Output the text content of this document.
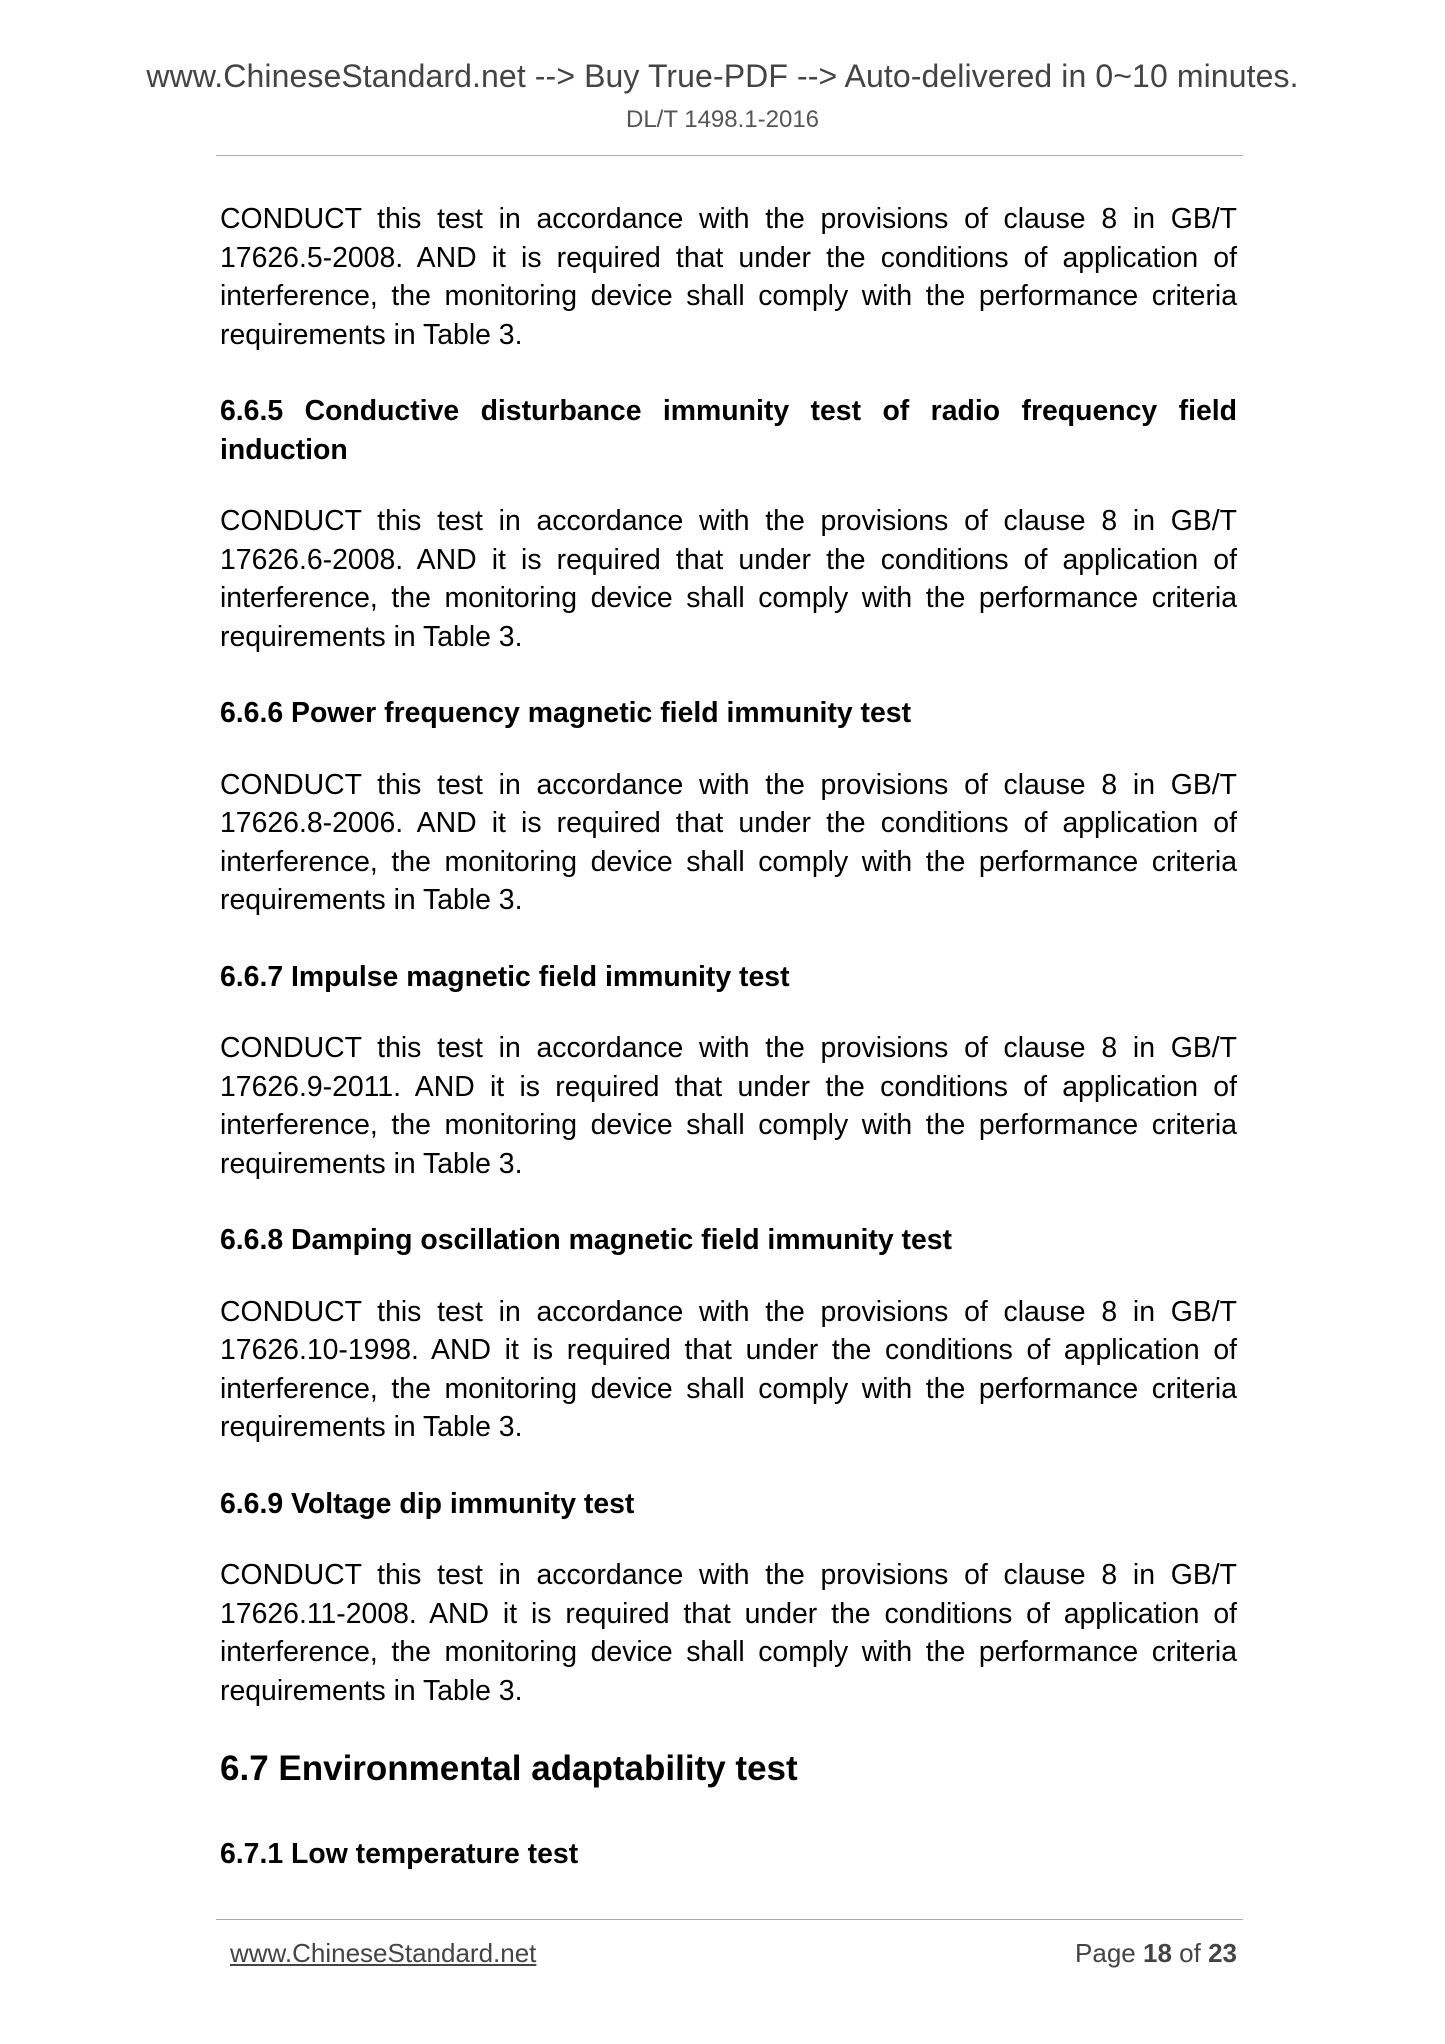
www.ChineseStandard.net --> Buy True-PDF --> Auto-delivered in 0~10 minutes.
DL/T 1498.1-2016

CONDUCT this test in accordance with the provisions of clause 8 in GB/T 17626.5-2008. AND it is required that under the conditions of application of interference, the monitoring device shall comply with the performance criteria requirements in Table 3.

6.6.5 Conductive disturbance immunity test of radio frequency field induction

CONDUCT this test in accordance with the provisions of clause 8 in GB/T 17626.6-2008. AND it is required that under the conditions of application of interference, the monitoring device shall comply with the performance criteria requirements in Table 3.

6.6.6 Power frequency magnetic field immunity test

CONDUCT this test in accordance with the provisions of clause 8 in GB/T 17626.8-2006. AND it is required that under the conditions of application of interference, the monitoring device shall comply with the performance criteria requirements in Table 3.

6.6.7 Impulse magnetic field immunity test

CONDUCT this test in accordance with the provisions of clause 8 in GB/T 17626.9-2011. AND it is required that under the conditions of application of interference, the monitoring device shall comply with the performance criteria requirements in Table 3.

6.6.8 Damping oscillation magnetic field immunity test

CONDUCT this test in accordance with the provisions of clause 8 in GB/T 17626.10-1998. AND it is required that under the conditions of application of interference, the monitoring device shall comply with the performance criteria requirements in Table 3.

6.6.9 Voltage dip immunity test

CONDUCT this test in accordance with the provisions of clause 8 in GB/T 17626.11-2008. AND it is required that under the conditions of application of interference, the monitoring device shall comply with the performance criteria requirements in Table 3.

6.7 Environmental adaptability test

6.7.1 Low temperature test

www.ChineseStandard.net	Page 18 of 23
